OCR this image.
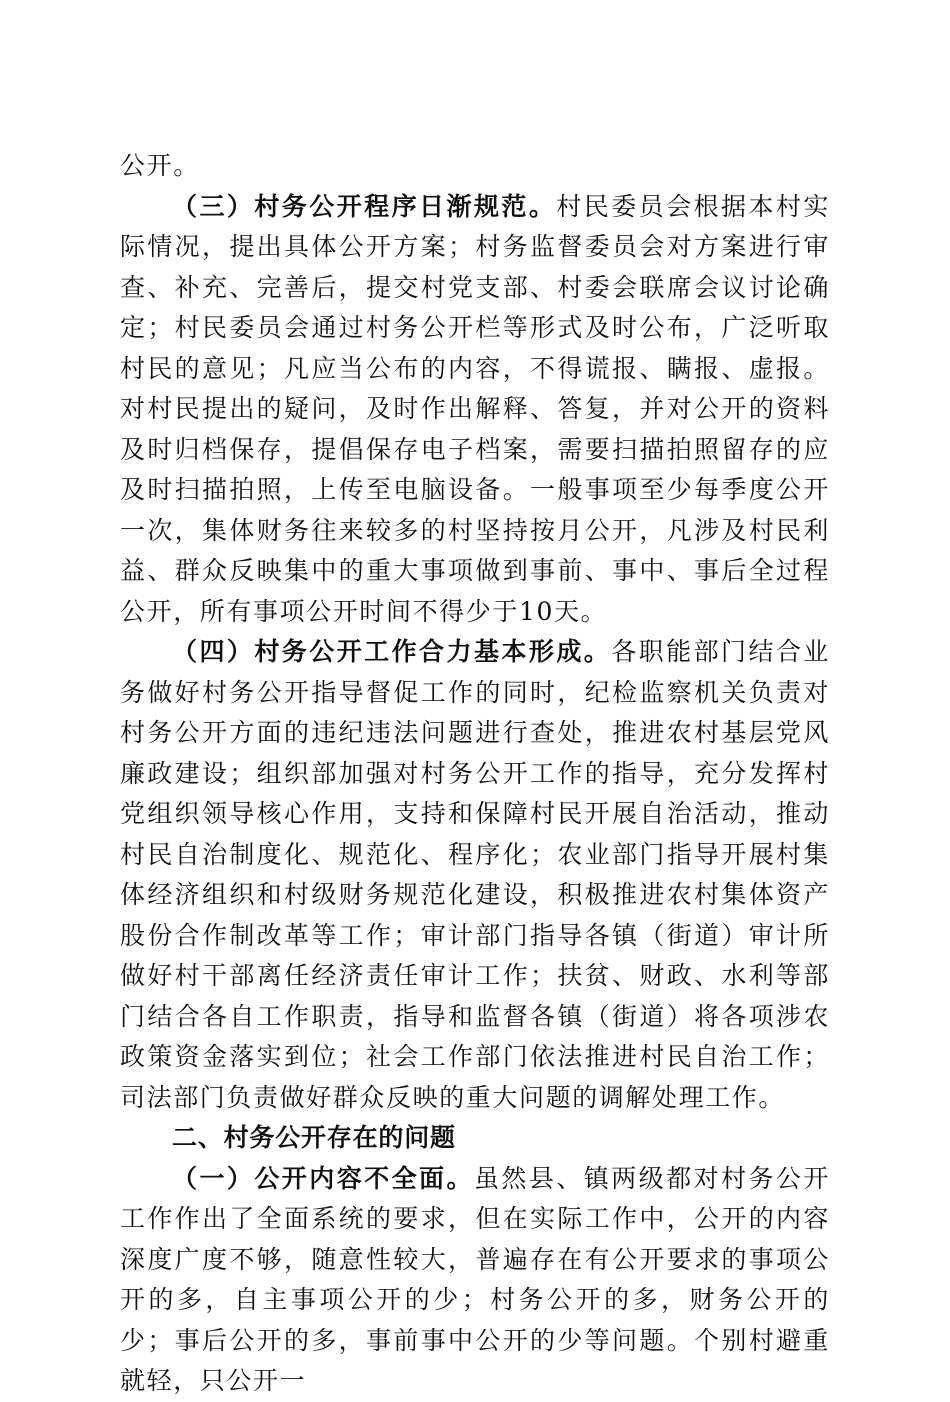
公开。

（三）村务公开程序日渐规范。村民委员会根据本村实际情况，提出具体公开方案；村务监督委员会对方案进行审查、补充、完善后，提交村党支部、村委会联席会议讨论确定；村民委员会通过村务公开栏等形式及时公布，广泛听取村民的意见；凡应当公布的内容，不得谎报、瞒报、虚报。对村民提出的疑问，及时作出解释、答复，并对公开的资料及时归档保存，提倡保存电子档案，需要扫描拍照留存的应及时扫描拍照，上传至电脑设备。一般事项至少每季度公开一次，集体财务往来较多的村坚持按月公开，凡涉及村民利益、群众反映集中的重大事项做到事前、事中、事后全过程公开，所有事项公开时间不得少于10天。

（四）村务公开工作合力基本形成。各职能部门结合业务做好村务公开指导督促工作的同时，纪检监察机关负责对村务公开方面的违纪违法问题进行查处，推进农村基层党风廉政建设；组织部加强对村务公开工作的指导，充分发挥村党组织领导核心作用，支持和保障村民开展自治活动，推动村民自治制度化、规范化、程序化；农业部门指导开展村集体经济组织和村级财务规范化建设，积极推进农村集体资产股份合作制改革等工作；审计部门指导各镇（街道）审计所做好村干部离任经济责任审计工作；扶贫、财政、水利等部门结合各自工作职责，指导和监督各镇（街道）将各项涉农政策资金落实到位；社会工作部门依法推进村民自治工作；司法部门负责做好群众反映的重大问题的调解处理工作。

二、村务公开存在的问题

（一）公开内容不全面。虽然县、镇两级都对村务公开工作作出了全面系统的要求，但在实际工作中，公开的内容深度广度不够，随意性较大，普遍存在有公开要求的事项公开的多，自主事项公开的少；村务公开的多，财务公开的少；事后公开的多，事前事中公开的少等问题。个别村避重就轻，只公开一
